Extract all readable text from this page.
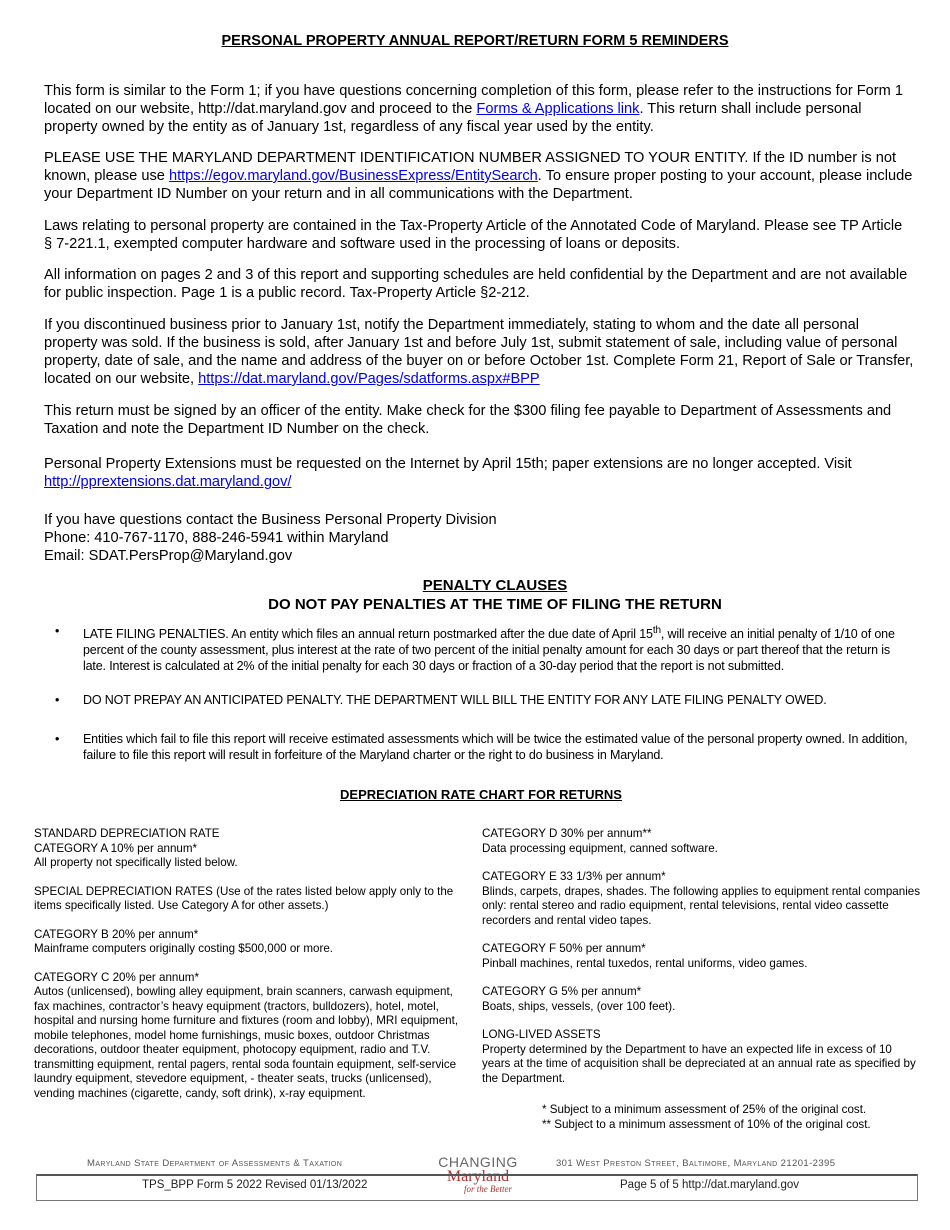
PERSONAL PROPERTY ANNUAL REPORT/RETURN FORM 5 REMINDERS

This form is similar to the Form 1; if you have questions concerning completion of this form, please refer to the instructions for Form 1 located on our website, http://dat.maryland.gov and proceed to the Forms & Applications link. This return shall include personal property owned by the entity as of January 1st, regardless of any fiscal year used by the entity.

PLEASE USE THE MARYLAND DEPARTMENT IDENTIFICATION NUMBER ASSIGNED TO YOUR ENTITY. If the ID number is not known, please use https://egov.maryland.gov/BusinessExpress/EntitySearch. To ensure proper posting to your account, please include your Department ID Number on your return and in all communications with the Department.

Laws relating to personal property are contained in the Tax-Property Article of the Annotated Code of Maryland. Please see TP Article § 7-221.1, exempted computer hardware and software used in the processing of loans or deposits.

All information on pages 2 and 3 of this report and supporting schedules are held confidential by the Department and are not available for public inspection. Page 1 is a public record. Tax-Property Article §2-212.

If you discontinued business prior to January 1st, notify the Department immediately, stating to whom and the date all personal property was sold. If the business is sold, after January 1st and before July 1st, submit statement of sale, including value of personal property, date of sale, and the name and address of the buyer on or before October 1st. Complete Form 21, Report of Sale or Transfer, located on our website, https://dat.maryland.gov/Pages/sdatforms.aspx#BPP

This return must be signed by an officer of the entity. Make check for the $300 filing fee payable to Department of Assessments and Taxation and note the Department ID Number on the check.

Personal Property Extensions must be requested on the Internet by April 15th; paper extensions are no longer accepted. Visit http://pprextensions.dat.maryland.gov/

If you have questions contact the Business Personal Property Division
Phone: 410-767-1170, 888-246-5941 within Maryland
Email: SDAT.PersProp@Maryland.gov

PENALTY CLAUSES
DO NOT PAY PENALTIES AT THE TIME OF FILING THE RETURN
• LATE FILING PENALTIES. An entity which files an annual return postmarked after the due date of April 15th, will receive an initial penalty of 1/10 of one percent of the county assessment, plus interest at the rate of two percent of the initial penalty amount for each 30 days or part thereof that the return is late. Interest is calculated at 2% of the initial penalty for each 30 days or fraction of a 30-day period that the report is not submitted.
• DO NOT PREPAY AN ANTICIPATED PENALTY. THE DEPARTMENT WILL BILL THE ENTITY FOR ANY LATE FILING PENALTY OWED.
• Entities which fail to file this report will receive estimated assessments which will be twice the estimated value of the personal property owned. In addition, failure to file this report will result in forfeiture of the Maryland charter or the right to do business in Maryland.
DEPRECIATION RATE CHART FOR RETURNS

STANDARD DEPRECIATION RATE
CATEGORY A 10% per annum*
All property not specifically listed below.

SPECIAL DEPRECIATION RATES (Use of the rates listed below apply only to the items specifically listed. Use Category A for other assets.)

CATEGORY B 20% per annum*
Mainframe computers originally costing $500,000 or more.

CATEGORY C 20% per annum*
Autos (unlicensed), bowling alley equipment, brain scanners, carwash equipment, fax machines, contractor’s heavy equipment (tractors, bulldozers), hotel, motel, hospital and nursing home furniture and fixtures (room and lobby), MRI equipment, mobile telephones, model home furnishings, music boxes, outdoor Christmas decorations, outdoor theater equipment, photocopy equipment, radio and T.V. transmitting equipment, rental pagers, rental soda fountain equipment, self-service laundry equipment, stevedore equipment, - theater seats, trucks (unlicensed), vending machines (cigarette, candy, soft drink), x-ray equipment.

CATEGORY D 30% per annum**
Data processing equipment, canned software.

CATEGORY E 33 1/3% per annum*
Blinds, carpets, drapes, shades. The following applies to equipment rental companies only: rental stereo and radio equipment, rental televisions, rental video cassette recorders and rental video tapes.

CATEGORY F 50% per annum*
Pinball machines, rental tuxedos, rental uniforms, video games.

CATEGORY G 5% per annum*
Boats, ships, vessels, (over 100 feet).

LONG-LIVED ASSETS
Property determined by the Department to have an expected life in excess of 10 years at the time of acquisition shall be depreciated at an annual rate as specified by the Department.

* Subject to a minimum assessment of 25% of the original cost.
** Subject to a minimum assessment of 10% of the original cost.
Maryland State Department of Assessments & Taxation	CHANGING
Maryland
for the Better
301 West Preston Street, Baltimore, Maryland 21201-2395
TPS_BPP Form 5 2022 Revised 01/13/2022	Page 5 of 5 http://dat.maryland.gov
